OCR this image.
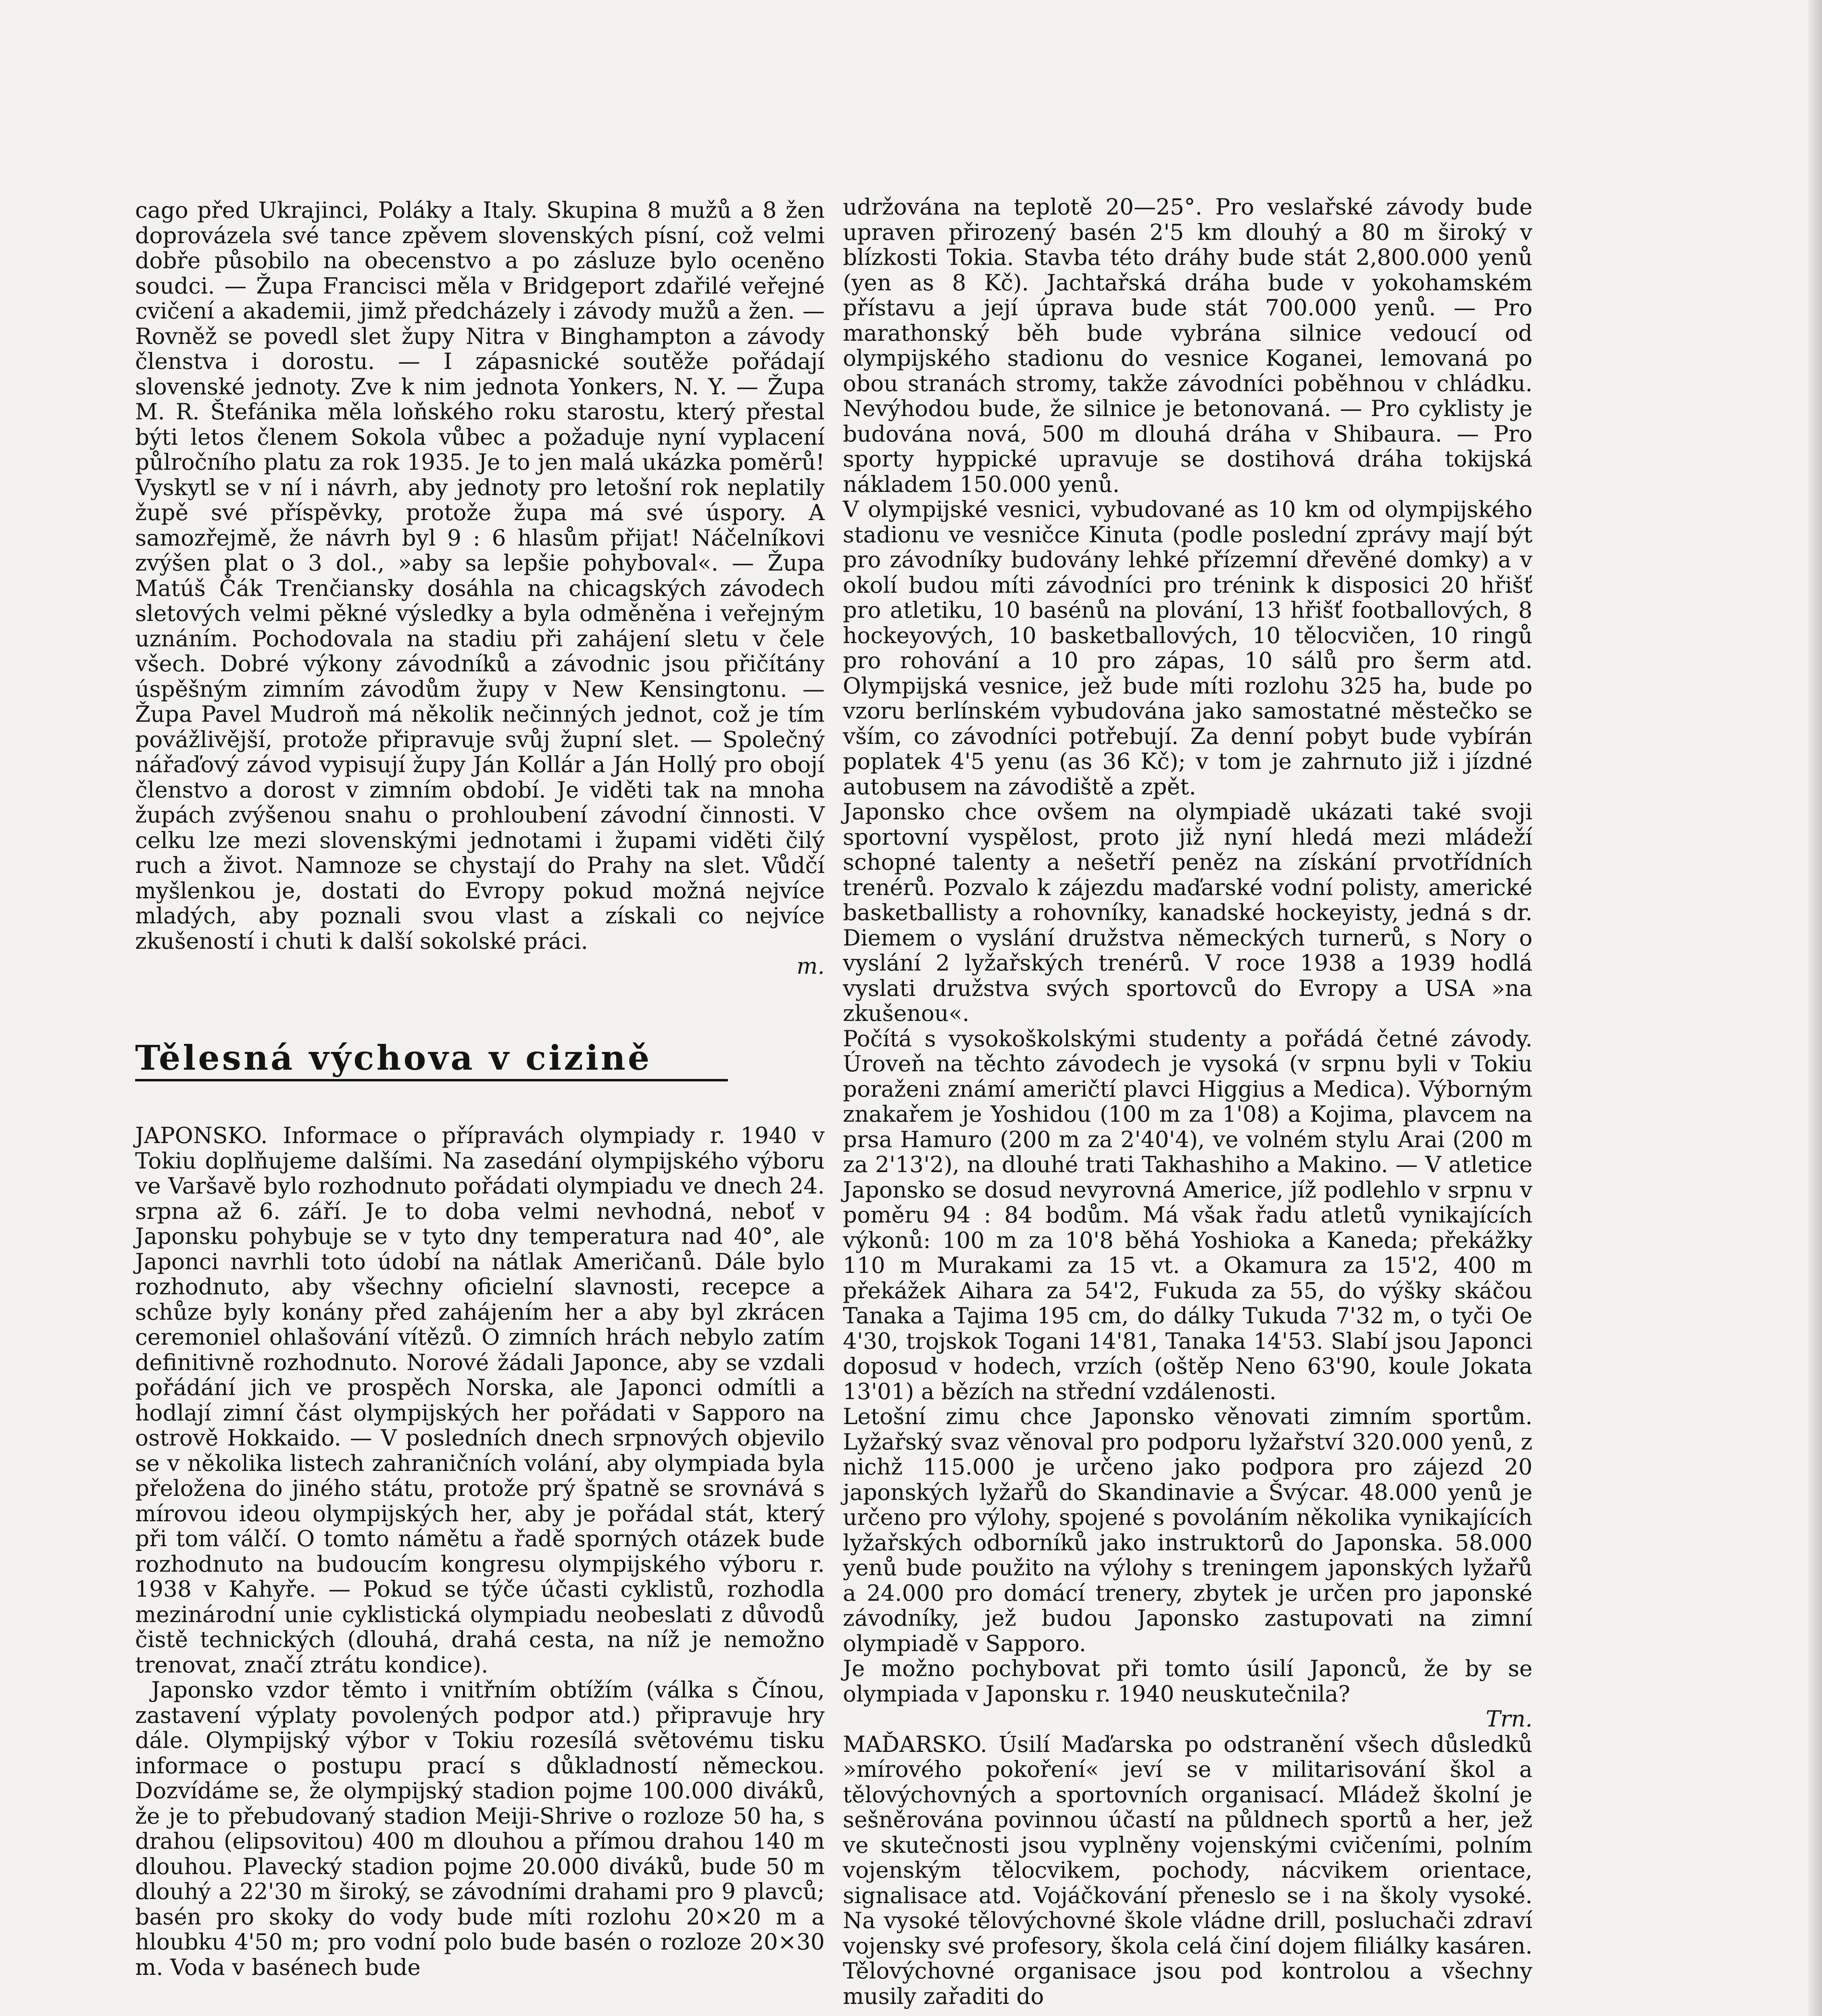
cago před Ukrajinci, Poláky a Italy. Skupina 8 mužů a 8 žen doprovázela své tance zpěvem slovenských písní, což velmi dobře působilo na obecenstvo a po zásluze bylo oceněno soudci. — Župa Francisci měla v Bridgeport zdařilé veřejné cvičení a akademii, jimž předcházely i závody mužů a žen. — Rovněž se povedl slet župy Nitra v Binghampton a závody členstva i dorostu. — I zápasnické soutěže pořádají slovenské jednoty. Zve k nim jednota Yonkers, N. Y. — Župa M. R. Štefánika měla loňského roku starostu, který přestal býti letos členem Sokola vůbec a požaduje nyní vyplacení půlročního platu za rok 1935. Je to jen malá ukázka poměrů! Vyskytl se v ní i návrh, aby jednoty pro letošní rok neplatily župě své příspěvky, protože župa má své úspory. A samozřejmě, že návrh byl 9 : 6 hlasům přijat! Náčelníkovi zvýšen plat o 3 dol., »aby sa lepšie pohyboval«. — Župa Matúš Čák Trenčiansky dosáhla na chicagských závodech sletových velmi pěkné výsledky a byla odměněna i veřejným uznáním. Pochodovala na stadiu při zahájení sletu v čele všech. Dobré výkony závodníků a závodnic jsou přičítány úspěšným zimním závodům župy v New Kensingtonu. — Župa Pavel Mudroň má několik nečinných jednot, což je tím povážlivější, protože připravuje svůj župní slet. — Společný nářaďový závod vypisují župy Ján Kollár a Ján Hollý pro obojí členstvo a dorost v zimním období. Je viděti tak na mnoha župách zvýšenou snahu o prohloubení závodní činnosti. V celku lze mezi slovenskými jednotami i župami viděti čilý ruch a život. Namnoze se chystají do Prahy na slet. Vůdčí myšlenkou je, dostati do Evropy pokud možná nejvíce mladých, aby poznali svou vlast a získali co nejvíce zkušeností i chuti k další sokolské práci.

m.

Tělesná výchova v cizině

JAPONSKO. Informace o přípravách olympiady r. 1940 v Tokiu doplňujeme dalšími. Na zasedání olympijského výboru ve Varšavě bylo rozhodnuto pořádati olympiadu ve dnech 24. srpna až 6. září. Je to doba velmi nevhodná, neboť v Japonsku pohybuje se v tyto dny temperatura nad 40°, ale Japonci navrhli toto údobí na nátlak Američanů. Dále bylo rozhodnuto, aby všechny oficielní slavnosti, recepce a schůze byly konány před zahájením her a aby byl zkrácen ceremoniel ohlašování vítězů. O zimních hrách nebylo zatím definitivně rozhodnuto. Norové žádali Japonce, aby se vzdali pořádání jich ve prospěch Norska, ale Japonci odmítli a hodlají zimní část olympijských her pořádati v Sapporo na ostrově Hokkaido. — V posledních dnech srpnových objevilo se v několika listech zahraničních volání, aby olympiada byla přeložena do jiného státu, protože prý špatně se srovnává s mírovou ideou olympijských her, aby je pořádal stát, který při tom válčí. O tomto námětu a řadě sporných otázek bude rozhodnuto na budoucím kongresu olympijského výboru r. 1938 v Kahyře. — Pokud se týče účasti cyklistů, rozhodla mezinárodní unie cyklistická olympiadu neobeslati z důvodů čistě technických (dlouhá, drahá cesta, na níž je nemožno trenovat, značí ztrátu kondice).

Japonsko vzdor těmto i vnitřním obtížím (válka s Čínou, zastavení výplaty povolených podpor atd.) připravuje hry dále. Olympijský výbor v Tokiu rozesílá světovému tisku informace o postupu prací s důkladností německou. Dozvídáme se, že olympijský stadion pojme 100.000 diváků, že je to přebudovaný stadion Meiji-Shrive o rozloze 50 ha, s drahou (elipsovitou) 400 m dlouhou a přímou drahou 140 m dlouhou. Plavecký stadion pojme 20.000 diváků, bude 50 m dlouhý a 22'30 m široký, se závodními drahami pro 9 plavců; basén pro skoky do vody bude míti rozlohu 20×20 m a hloubku 4'50 m; pro vodní polo bude basén o rozloze 20×30 m. Voda v basénech bude

udržována na teplotě 20—25°. Pro veslařské závody bude upraven přirozený basén 2'5 km dlouhý a 80 m široký v blízkosti Tokia. Stavba této dráhy bude stát 2,800.000 yenů (yen as 8 Kč). Jachtařská dráha bude v yokohamském přístavu a její úprava bude stát 700.000 yenů. — Pro marathonský běh bude vybrána silnice vedoucí od olympijského stadionu do vesnice Koganei, lemovaná po obou stranách stromy, takže závodníci poběhnou v chládku. Nevýhodou bude, že silnice je betonovaná. — Pro cyklisty je budována nová, 500 m dlouhá dráha v Shibaura. — Pro sporty hyppické upravuje se dostihová dráha tokijská nákladem 150.000 yenů.

V olympijské vesnici, vybudované as 10 km od olympijského stadionu ve vesničce Kinuta (podle poslední zprávy mají být pro závodníky budovány lehké přízemní dřevěné domky) a v okolí budou míti závodníci pro trénink k disposici 20 hřišť pro atletiku, 10 basénů na plování, 13 hřišť footballových, 8 hockeyových, 10 basketballových, 10 tělocvičen, 10 ringů pro rohování a 10 pro zápas, 10 sálů pro šerm atd. Olympijská vesnice, jež bude míti rozlohu 325 ha, bude po vzoru berlínském vybudována jako samostatné městečko se vším, co závodníci potřebují. Za denní pobyt bude vybírán poplatek 4'5 yenu (as 36 Kč); v tom je zahrnuto již i jízdné autobusem na závodiště a zpět.

Japonsko chce ovšem na olympiadě ukázati také svoji sportovní vyspělost, proto již nyní hledá mezi mládeží schopné talenty a nešetří peněz na získání prvotřídních trenérů. Pozvalo k zájezdu maďarské vodní polisty, americké basketballisty a rohovníky, kanadské hockeyisty, jedná s dr. Diemem o vyslání družstva německých turnerů, s Nory o vyslání 2 lyžařských trenérů. V roce 1938 a 1939 hodlá vyslati družstva svých sportovců do Evropy a USA »na zkušenou«.

Počítá s vysokoškolskými studenty a pořádá četné závody. Úroveň na těchto závodech je vysoká (v srpnu byli v Tokiu poraženi známí američtí plavci Higgius a Medica). Výborným znakařem je Yoshidou (100 m za 1'08) a Kojima, plavcem na prsa Hamuro (200 m za 2'40'4), ve volném stylu Arai (200 m za 2'13'2), na dlouhé trati Takhashiho a Makino. — V atletice Japonsko se dosud nevyrovná Americe, jíž podlehlo v srpnu v poměru 94 : 84 bodům. Má však řadu atletů vynikajících výkonů: 100 m za 10'8 běhá Yoshioka a Kaneda; překážky 110 m Murakami za 15 vt. a Okamura za 15'2, 400 m překážek Aihara za 54'2, Fukuda za 55, do výšky skáčou Tanaka a Tajima 195 cm, do dálky Tukuda 7'32 m, o tyči Oe 4'30, trojskok Togani 14'81, Tanaka 14'53. Slabí jsou Japonci doposud v hodech, vrzích (oštěp Neno 63'90, koule Jokata 13'01) a bězích na střední vzdálenosti.

Letošní zimu chce Japonsko věnovati zimním sportům. Lyžařský svaz věnoval pro podporu lyžařství 320.000 yenů, z nichž 115.000 je určeno jako podpora pro zájezd 20 japonských lyžařů do Skandinavie a Švýcar. 48.000 yenů je určeno pro výlohy, spojené s povoláním několika vynikajících lyžařských odborníků jako instruktorů do Japonska. 58.000 yenů bude použito na výlohy s treningem japonských lyžařů a 24.000 pro domácí trenery, zbytek je určen pro japonské závodníky, jež budou Japonsko zastupovati na zimní olympiadě v Sapporo.

Je možno pochybovat při tomto úsilí Japonců, že by se olympiada v Japonsku r. 1940 neuskutečnila?

Trn.

MAĎARSKO. Úsilí Maďarska po odstranění všech důsledků »mírového pokoření« jeví se v militarisování škol a tělovýchovných a sportovních organisací. Mládež školní je sešněrována povinnou účastí na půldnech sportů a her, jež ve skutečnosti jsou vyplněny vojenskými cvičeními, polním vojenským tělocvikem, pochody, nácvikem orientace, signalisace atd. Vojáčkování přeneslo se i na školy vysoké. Na vysoké tělovýchovné škole vládne drill, posluchači zdraví vojensky své profesory, škola celá činí dojem filiálky kasáren. Tělovýchovné organisace jsou pod kontrolou a všechny musily zařaditi do
